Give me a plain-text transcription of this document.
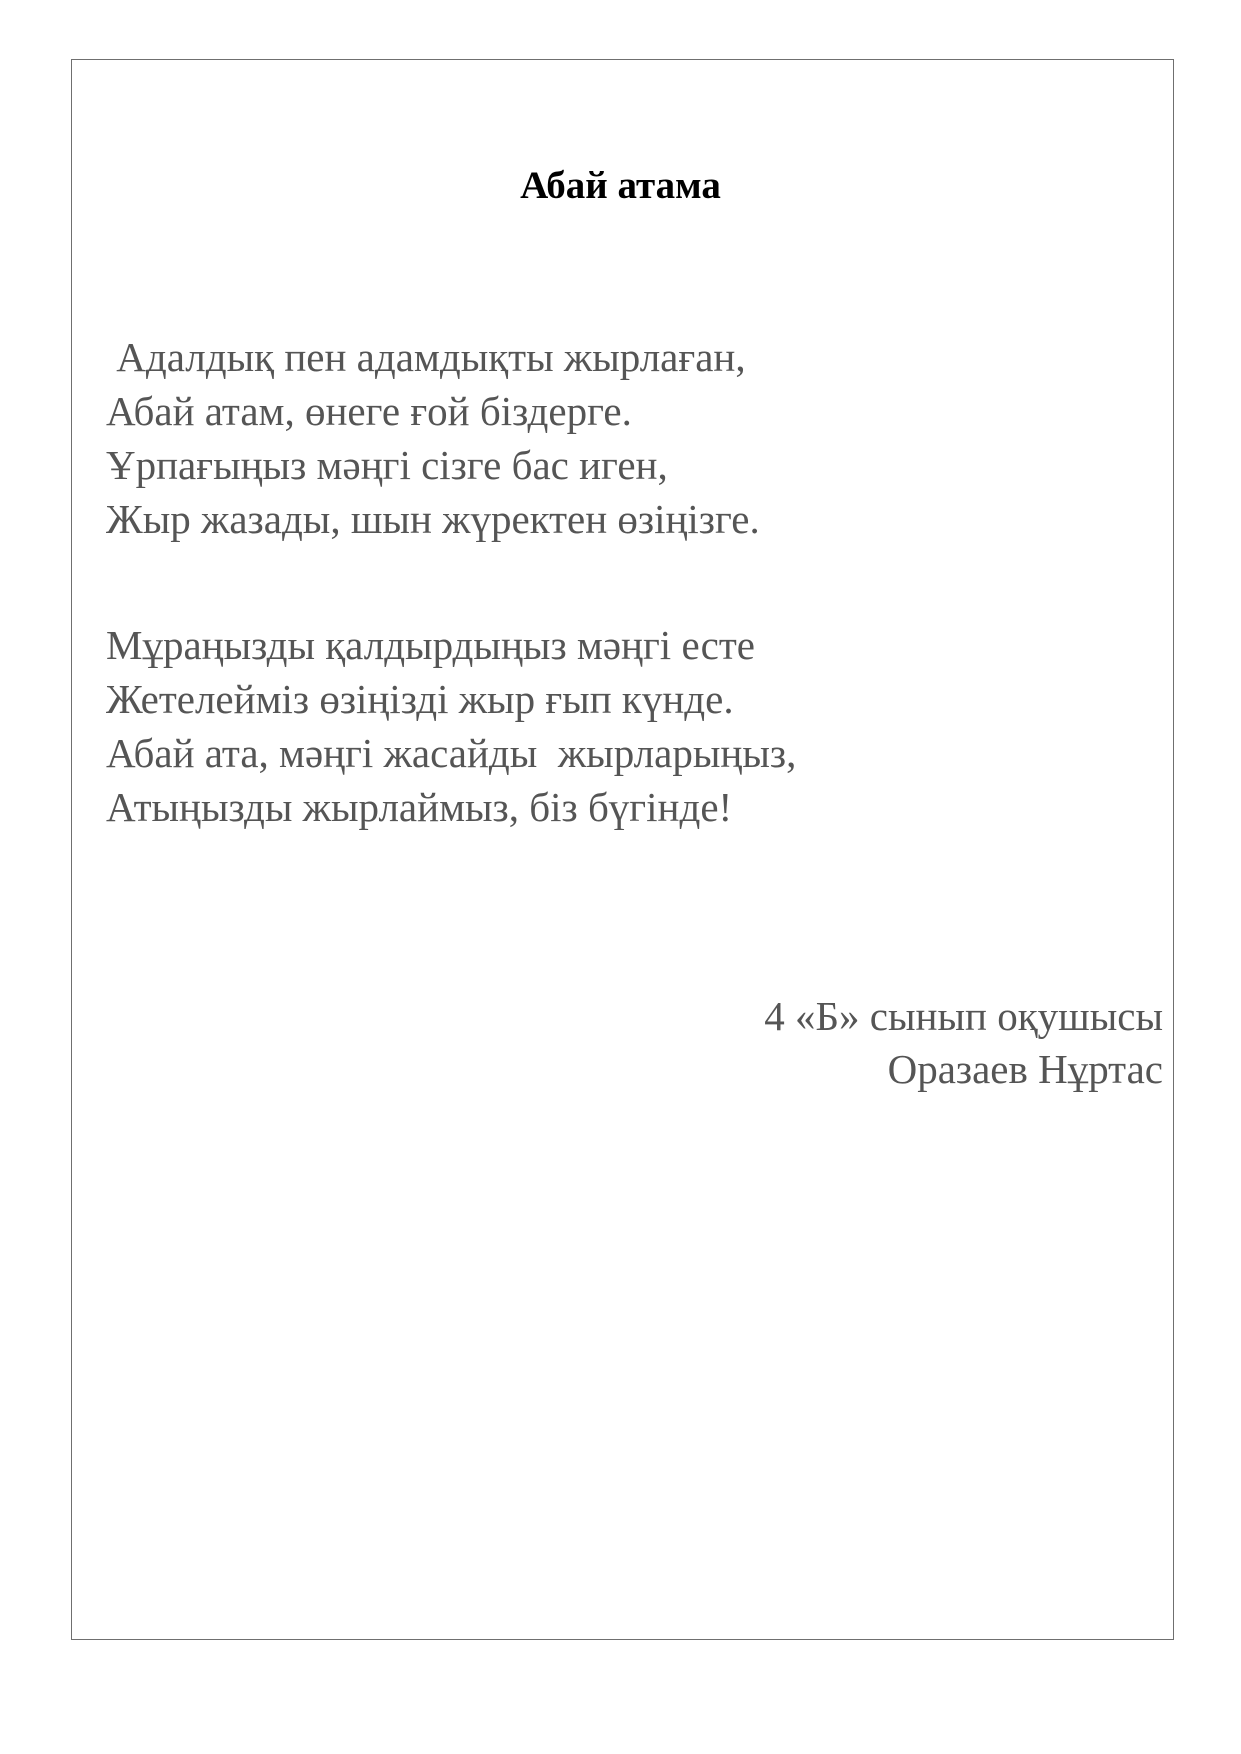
Абай атама
Адалдық пен адамдықты жырлаған,
Абай атам, өнеге ғой біздерге.
Ұрпағыңыз мәңгі сізге бас иген,
Жыр жазады, шын жүректен өзіңізге.
Мұраңызды қалдырдыңыз мәңгі есте
Жетелейміз өзіңізді жыр ғып күнде.
Абай ата, мәңгі жасайды  жырларыңыз,
Атыңызды жырлаймыз, біз бүгінде!
4 «Б» сынып оқушысы
Оразаев Нұртас
